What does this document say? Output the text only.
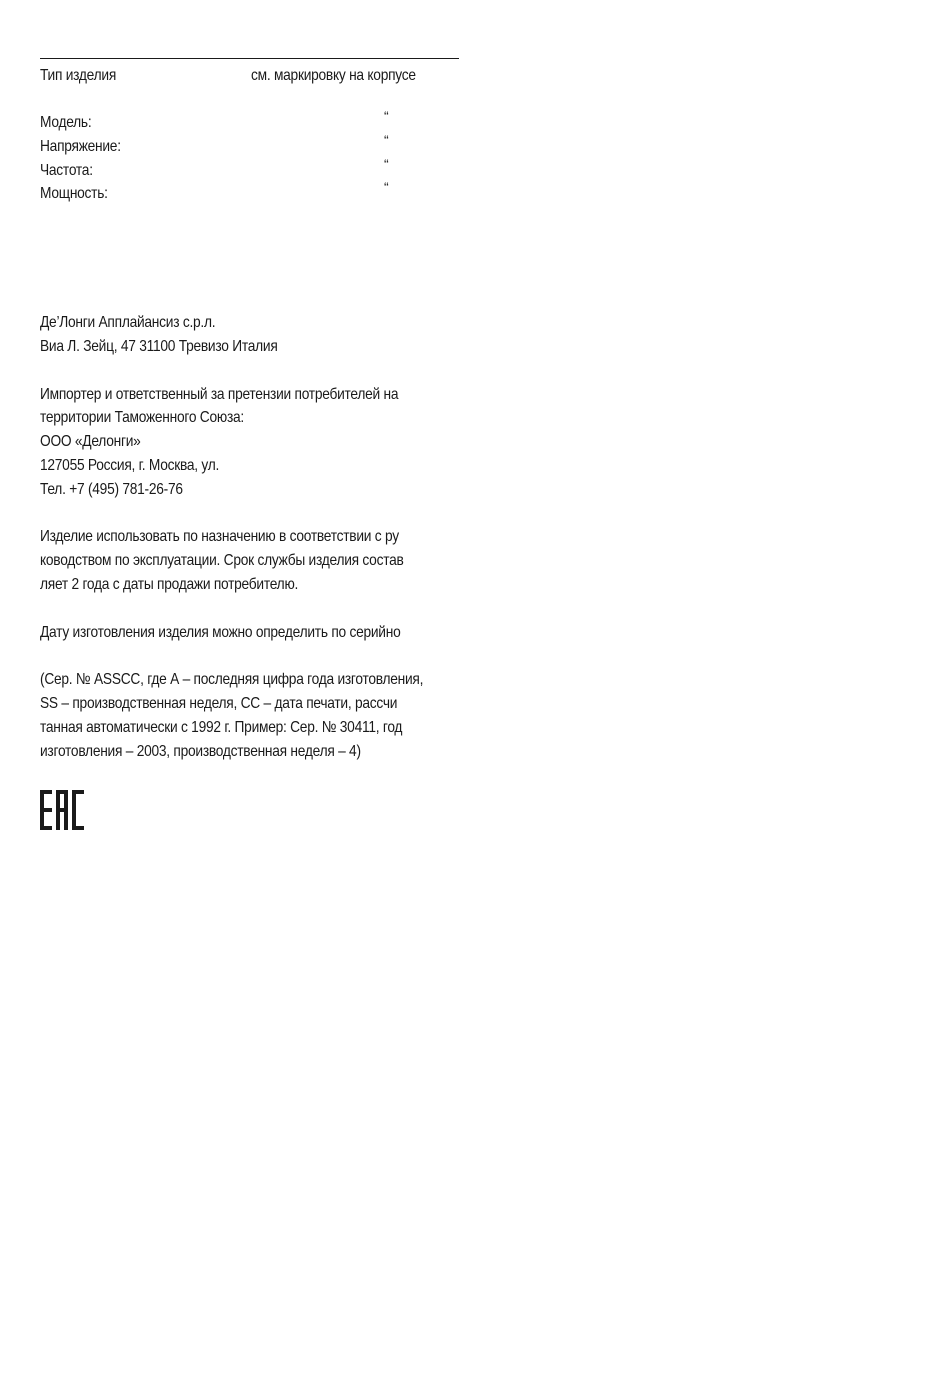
Тип изделия	см. маркировку на корпусе
Модель:	“
Напряжение:	“
Частота:	“
Мощность:	“
Де’Лонги Апплайансиз с.р.л.
Виа Л. Зейц, 47 31100 Тревизо Италия
Импортер и ответственный за претензии потребителей на
территории Таможенного Союза:
ООО «Делонги»
127055 Россия, г. Москва, ул.
Тел. +7 (495) 781-26-76
Изделие использовать по назначению в соответствии с ру
ководством по эксплуатации. Срок службы изделия состав
ляет 2 года с даты продажи потребителю.
Дату изготовления изделия можно определить по серийно
(Сер. № ASSCC, где А – последняя цифра года изготовления,
SS – производственная неделя, CC – дата печати, рассчи
танная автоматически с 1992 г. Пример: Сер. № 30411, год
изготовления – 2003, производственная неделя – 4)
